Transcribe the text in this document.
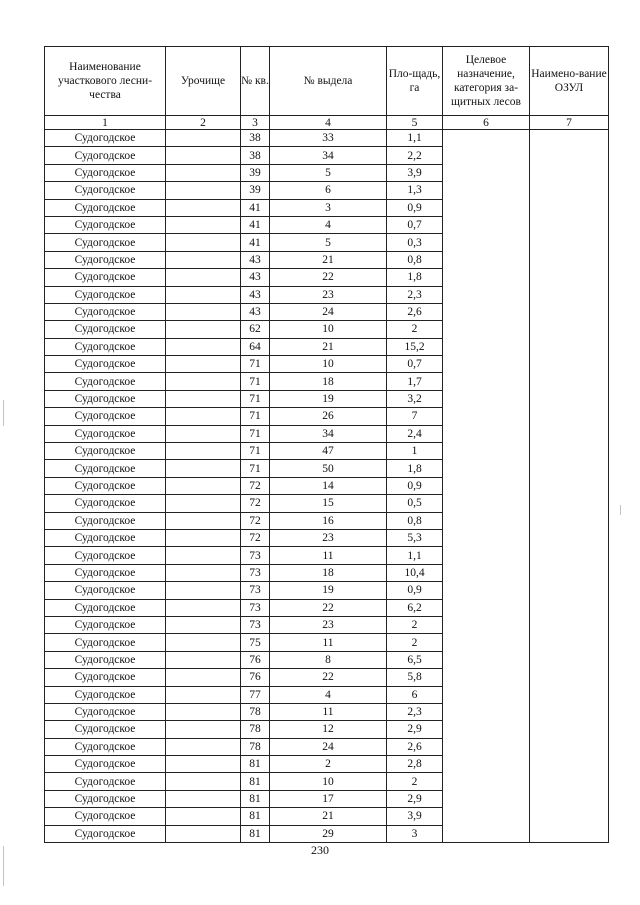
Наименование участкового лесни-чества	Урочище	№ кв.	№ выдела	Пло-щадь, га	Целевое назначение, категория за-щитных лесов	Наимено-вание ОЗУЛ
1	2	3	4	5	6	7
Судогодское		38	33	1,1		
Судогодское		38	34	2,2		
Судогодское		39	5	3,9		
Судогодское		39	6	1,3		
Судогодское		41	3	0,9		
Судогодское		41	4	0,7		
Судогодское		41	5	0,3		
Судогодское		43	21	0,8		
Судогодское		43	22	1,8		
Судогодское		43	23	2,3		
Судогодское		43	24	2,6		
Судогодское		62	10	2		
Судогодское		64	21	15,2		
Судогодское		71	10	0,7		
Судогодское		71	18	1,7		
Судогодское		71	19	3,2		
Судогодское		71	26	7		
Судогодское		71	34	2,4		
Судогодское		71	47	1		
Судогодское		71	50	1,8		
Судогодское		72	14	0,9		
Судогодское		72	15	0,5		
Судогодское		72	16	0,8		
Судогодское		72	23	5,3		
Судогодское		73	11	1,1		
Судогодское		73	18	10,4		
Судогодское		73	19	0,9		
Судогодское		73	22	6,2		
Судогодское		73	23	2		
Судогодское		75	11	2		
Судогодское		76	8	6,5		
Судогодское		76	22	5,8		
Судогодское		77	4	6		
Судогодское		78	11	2,3		
Судогодское		78	12	2,9		
Судогодское		78	24	2,6		
Судогодское		81	2	2,8		
Судогодское		81	10	2		
Судогодское		81	17	2,9		
Судогодское		81	21	3,9		
Судогодское		81	29	3		
230
